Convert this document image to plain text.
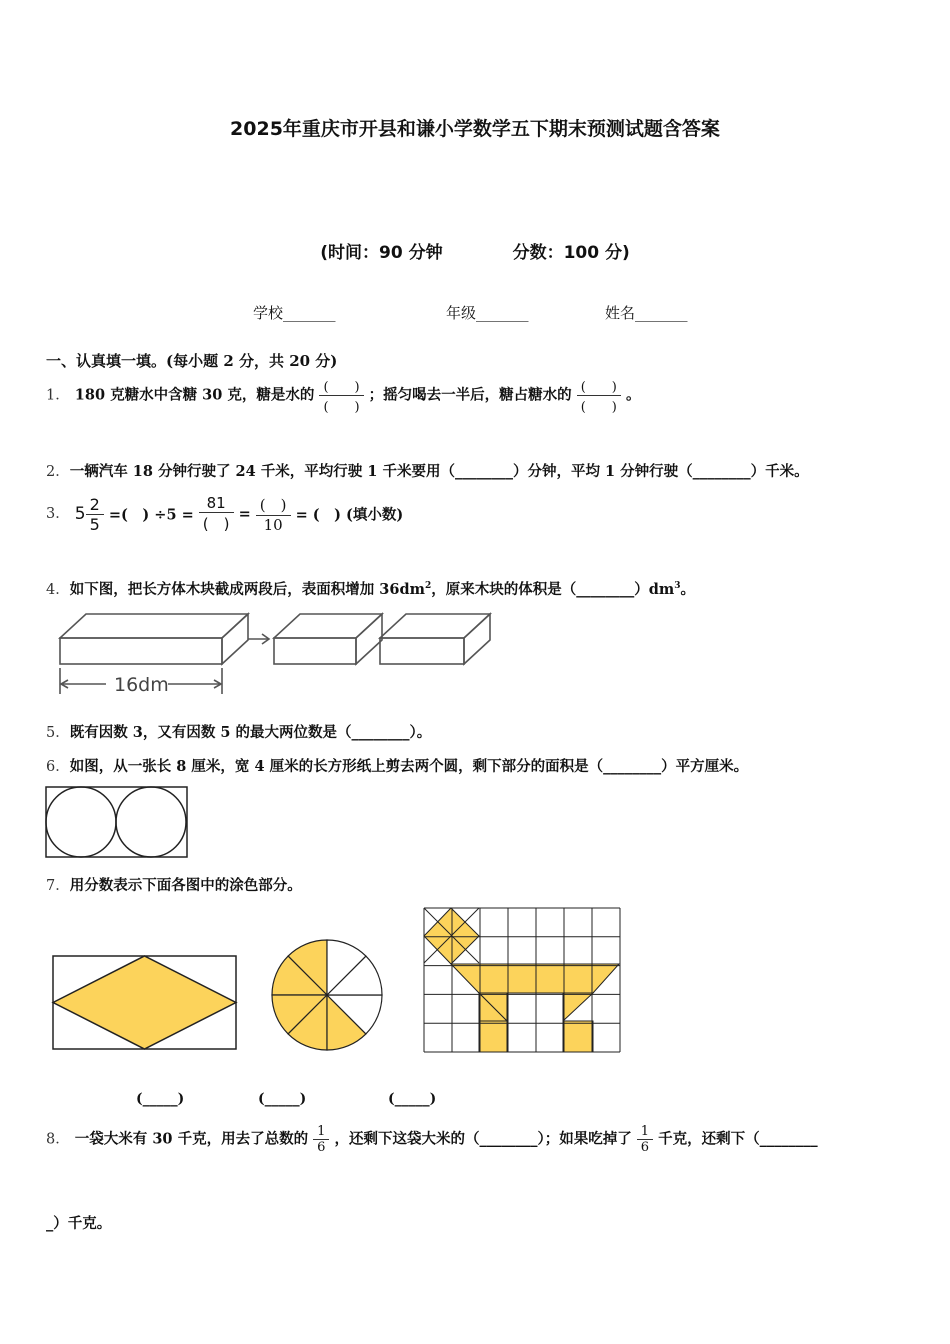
2025年重庆市开县和谦小学数学五下期末预测试题含答案
(时间：90 分钟	分数：100 分)
学校_______	年级_______	姓名_______
一、认真填一填。(每小题 2 分，共 20 分)
1． 180 克糖水中含糖 30 克，糖是水的 $\frac{( )}{( )}$ ；摇匀喝去一半后，糖占糖水的 $\frac{( )}{( )}$ 。
2．一辆汽车 18 分钟行驶了 24 千米，平均行驶 1 千米要用（________）分钟，平均 1 分钟行驶（________）千米。
3． $5 \frac{2}{5}$ =(　) $\div 5 = \frac{81}{( )} = \frac{( )}{10}$ = (　) (填小数)
4．如下图，把长方体木块截成两段后，表面积增加 $36dm^2$，原来木块的体积是$(\_\_\_\_\_\_\_\_)dm^3$。
16dm
5．既有因数 3，又有因数 5 的最大两位数是（________）。
6．如图，从一张长 8 厘米，宽 4 厘米的长方形纸上剪去两个圆，剩下部分的面积是（________）平方厘米。
7．用分数表示下面各图中的涂色部分。
(_____)	(_____)	(_____)
8． 一袋大米有 30 千克，用去了总数的 $\frac{1}{6}$ ，还剩下这袋大米的（________）；如果吃掉了 $\frac{1}{6}$ 千克，还剩下（________
_）千克。
